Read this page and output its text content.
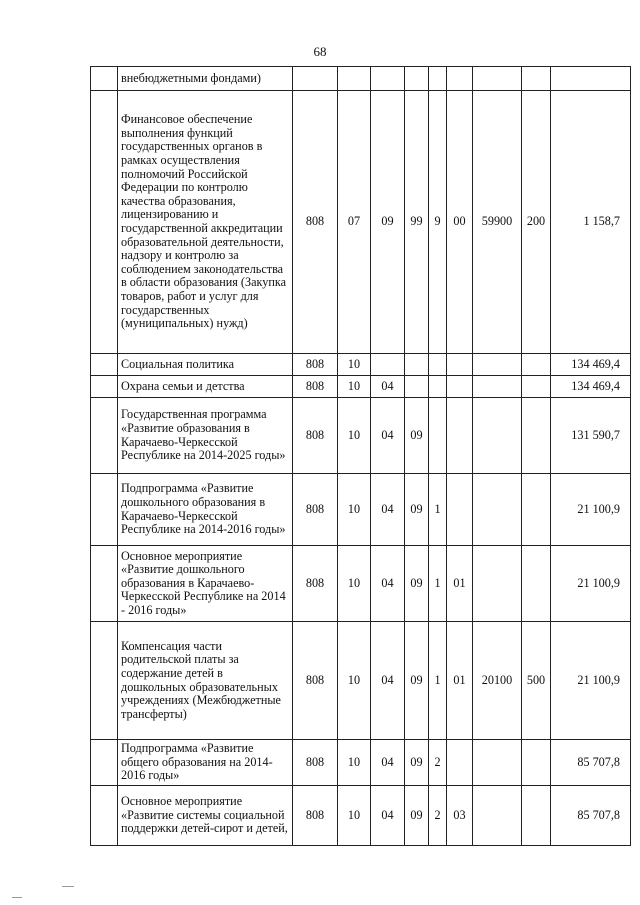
68
	внебюджетными фондами)									
	Финансовое обеспечение выполнения функций государственных органов в рамках осуществления полномочий Российской Федерации по контролю качества образования, лицензированию и государственной аккредитации образовательной деятельности, надзору и контролю за соблюдением законодательства в области образования (Закупка товаров, работ и услуг для государственных (муниципальных) нужд)	808	07	09	99	9	00	59900	200	1 158,7
	Социальная политика	808	10							134 469,4
	Охрана семьи и детства	808	10	04						134 469,4
	Государственная программа «Развитие образования в Карачаево-Черкесской Республике на 2014-2025 годы»	808	10	04	09					131 590,7
	Подпрограмма «Развитие дошкольного образования в Карачаево-Черкесской Республике на 2014-2016 годы»	808	10	04	09	1				21 100,9
	Основное мероприятие «Развитие дошкольного образования в Карачаево-Черкесской Республике на 2014 - 2016 годы»	808	10	04	09	1	01			21 100,9
	Компенсация части родительской платы за содержание детей в дошкольных образовательных учреждениях (Межбюджетные трансферты)	808	10	04	09	1	01	20100	500	21 100,9
	Подпрограмма «Развитие общего образования на 2014-2016 годы»	808	10	04	09	2				85 707,8
	Основное мероприятие «Развитие системы социальной поддержки детей-сирот и детей,	808	10	04	09	2	03			85 707,8
